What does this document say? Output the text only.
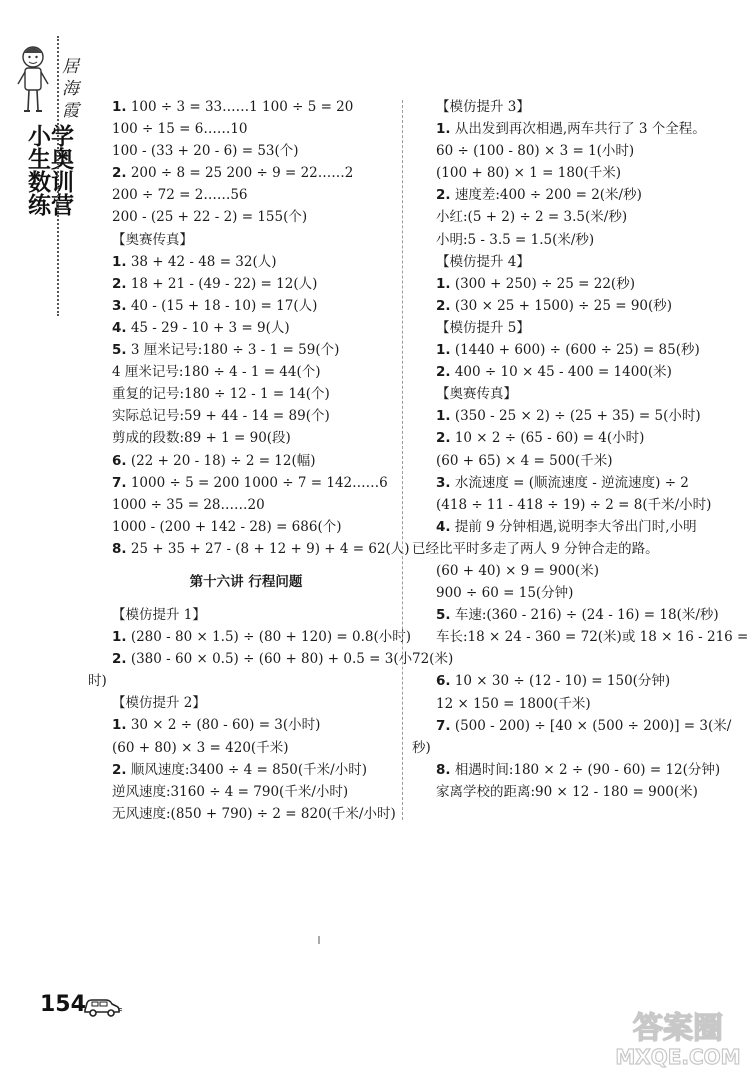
居
海
霞
小学生奥数训练营
1. 100 ÷ 3 = 33……1 100 ÷ 5 = 20
100 ÷ 15 = 6……10
100 - (33 + 20 - 6) = 53(个)
2. 200 ÷ 8 = 25 200 ÷ 9 = 22……2
200 ÷ 72 = 2……56
200 - (25 + 22 - 2) = 155(个)
【奥赛传真】
1. 38 + 42 - 48 = 32(人)
2. 18 + 21 - (49 - 22) = 12(人)
3. 40 - (15 + 18 - 10) = 17(人)
4. 45 - 29 - 10 + 3 = 9(人)
5. 3 厘米记号:180 ÷ 3 - 1 = 59(个)
4 厘米记号:180 ÷ 4 - 1 = 44(个)
重复的记号:180 ÷ 12 - 1 = 14(个)
实际总记号:59 + 44 - 14 = 89(个)
剪成的段数:89 + 1 = 90(段)
6. (22 + 20 - 18) ÷ 2 = 12(幅)
7. 1000 ÷ 5 = 200 1000 ÷ 7 = 142……6
1000 ÷ 35 = 28……20
1000 - (200 + 142 - 28) = 686(个)
8. 25 + 35 + 27 - (8 + 12 + 9) + 4 = 62(人)
第十六讲 行程问题
【模仿提升 1】
1. (280 - 80 × 1.5) ÷ (80 + 120) = 0.8(小时)
2. (380 - 60 × 0.5) ÷ (60 + 80) + 0.5 = 3(小
时)
【模仿提升 2】
1. 30 × 2 ÷ (80 - 60) = 3(小时)
(60 + 80) × 3 = 420(千米)
2. 顺风速度:3400 ÷ 4 = 850(千米/小时)
逆风速度:3160 ÷ 4 = 790(千米/小时)
无风速度:(850 + 790) ÷ 2 = 820(千米/小时)
【模仿提升 3】
1. 从出发到再次相遇,两车共行了 3 个全程。
60 ÷ (100 - 80) × 3 = 1(小时)
(100 + 80) × 1 = 180(千米)
2. 速度差:400 ÷ 200 = 2(米/秒)
小红:(5 + 2) ÷ 2 = 3.5(米/秒)
小明:5 - 3.5 = 1.5(米/秒)
【模仿提升 4】
1. (300 + 250) ÷ 25 = 22(秒)
2. (30 × 25 + 1500) ÷ 25 = 90(秒)
【模仿提升 5】
1. (1440 + 600) ÷ (600 ÷ 25) = 85(秒)
2. 400 ÷ 10 × 45 - 400 = 1400(米)
【奥赛传真】
1. (350 - 25 × 2) ÷ (25 + 35) = 5(小时)
2. 10 × 2 ÷ (65 - 60) = 4(小时)
(60 + 65) × 4 = 500(千米)
3. 水流速度 = (顺流速度 - 逆流速度) ÷ 2
(418 ÷ 11 - 418 ÷ 19) ÷ 2 = 8(千米/小时)
4. 提前 9 分钟相遇,说明李大爷出门时,小明
已经比平时多走了两人 9 分钟合走的路。
(60 + 40) × 9 = 900(米)
900 ÷ 60 = 15(分钟)
5. 车速:(360 - 216) ÷ (24 - 16) = 18(米/秒)
车长:18 × 24 - 360 = 72(米)或 18 × 16 - 216 =
72(米)
6. 10 × 30 ÷ (12 - 10) = 150(分钟)
12 × 150 = 1800(千米)
7. (500 - 200) ÷ [40 × (500 ÷ 200)] = 3(米/
秒)
8. 相遇时间:180 × 2 ÷ (90 - 60) = 12(分钟)
家离学校的距离:90 × 12 - 180 = 900(米)
154
答案圈
MXQE.COM
